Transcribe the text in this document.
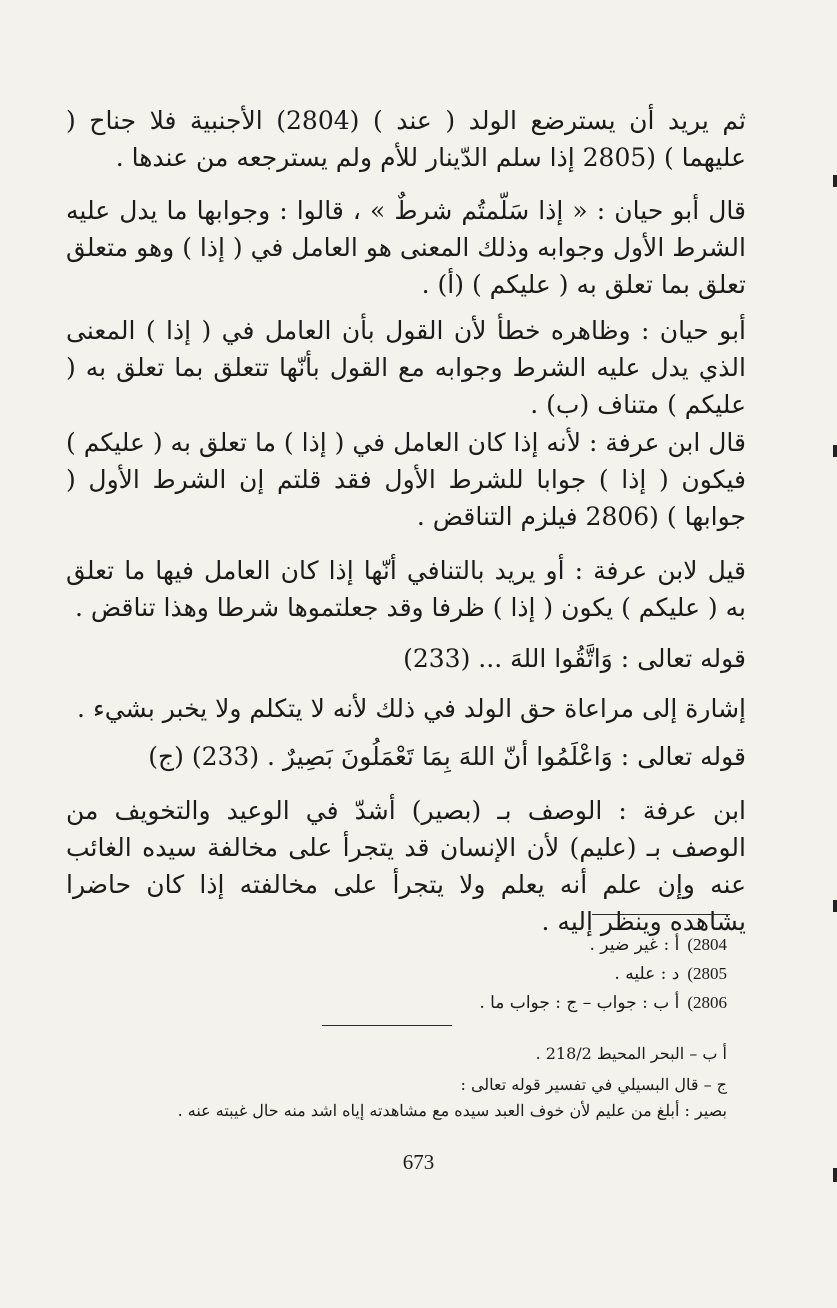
ثم يريد أن يسترضع الولد ( عند ) (2804) الأجنبية فلا جناح ( عليهما ) (2805 إذا سلم الدّينار للأم ولم يسترجعه من عندها .

قال أبو حيان : « إذا سَلّمتُم شرطٌ » ، قالوا : وجوابها ما يدل عليه الشرط الأول وجوابه وذلك المعنى هو العامل في ( إذا ) وهو متعلق تعلق بما تعلق به ( عليكم ) (أ) .

أبو حيان : وظاهره خطأ لأن القول بأن العامل في ( إذا ) المعنى الذي يدل عليه الشرط وجوابه مع القول بأنّها تتعلق بما تعلق به ( عليكم ) متناف (ب) .

قال ابن عرفة : لأنه إذا كان العامل في ( إذا ) ما تعلق به ( عليكم ) فيكون ( إذا ) جوابا للشرط الأول فقد قلتم إن الشرط الأول ( جوابها ) (2806 فيلزم التناقض .

قيل لابن عرفة : أو يريد بالتنافي أنّها إذا كان العامل فيها ما تعلق به ( عليكم ) يكون ( إذا ) ظرفا وقد جعلتموها شرطا وهذا تناقض .

قوله تعالى : وَاتَّقُوا اللهَ ... (233)

إشارة إلى مراعاة حق الولد في ذلك لأنه لا يتكلم ولا يخبر بشيء .

قوله تعالى : وَاعْلَمُوا أنّ اللهَ بِمَا تَعْمَلُونَ بَصِيرٌ . (233) (ج)

ابن عرفة : الوصف بـ (بصير) أشدّ في الوعيد والتخويف من الوصف بـ (عليم) لأن الإنسان قد يتجرأ على مخالفة سيده الغائب عنه وإن علم أنه يعلم ولا يتجرأ على مخالفته إذا كان حاضرا يشاهده وينظر إليه .

2804)أ : غير ضير .
2805)د : عليه .
2806)أ ب : جواب – ج : جواب ما .
أ ب – البحر المحيط 218/2 .
ج – قال البسيلي في تفسير قوله تعالى :
بصير : أبلغ من عليم لأن خوف العبد سيده مع مشاهدته إياه اشد منه حال غيبته عنه .
673
